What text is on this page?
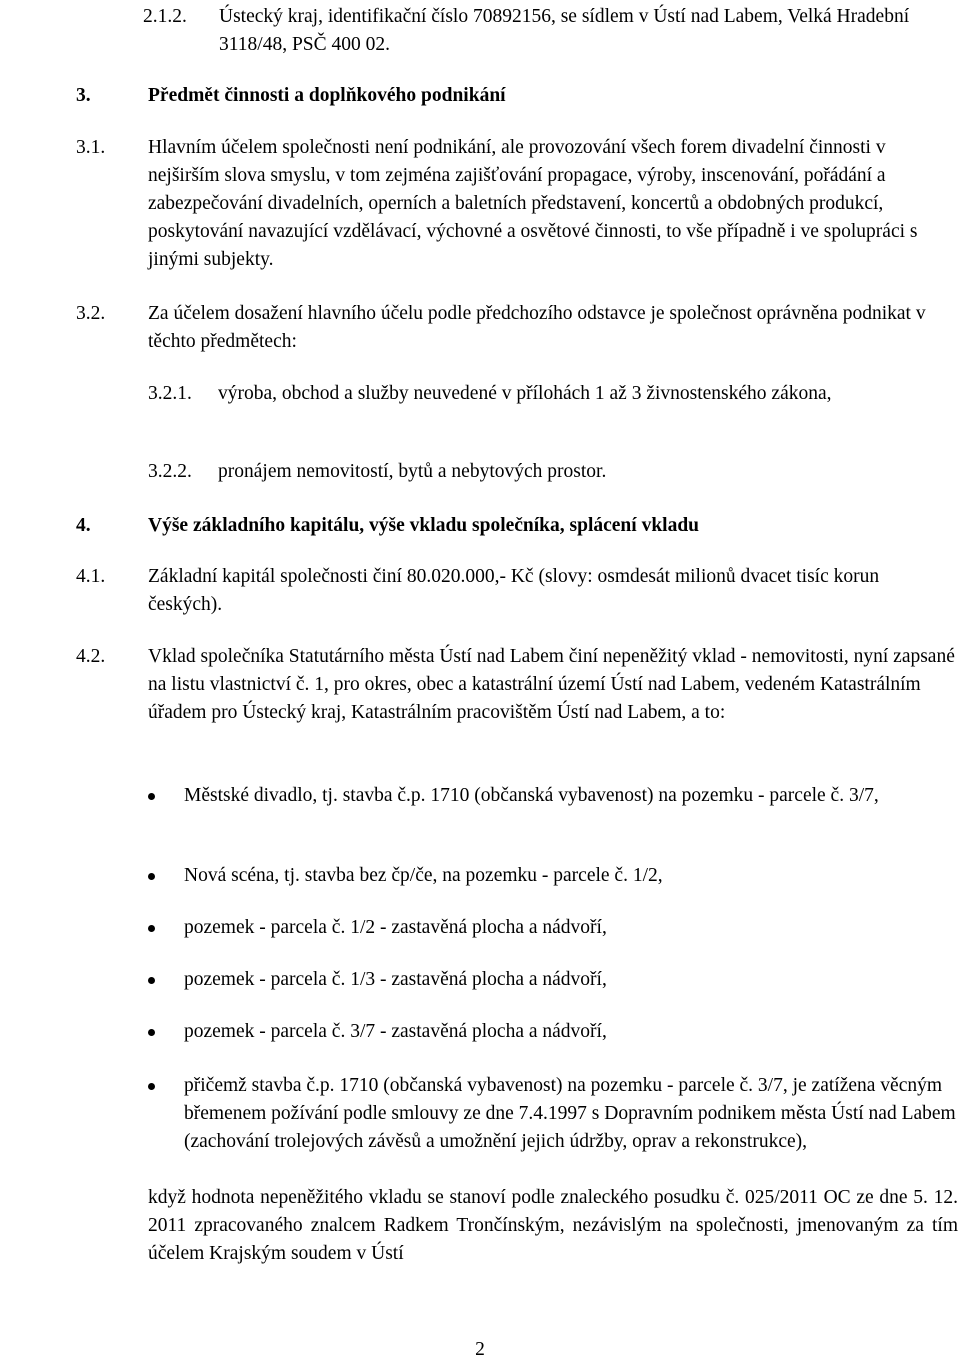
2.1.2. Ústecký kraj, identifikační číslo 70892156, se sídlem v Ústí nad Labem, Velká Hradební 3118/48, PSČ 400 02.
3.	Předmět činnosti a doplňkového podnikání
3.1. Hlavním účelem společnosti není podnikání, ale provozování všech forem divadelní činnosti v nejširším slova smyslu, v tom zejména zajišťování propagace, výroby, inscenování, pořádání a zabezpečování divadelních, operních a baletních představení, koncertů a obdobných produkcí, poskytování navazující vzdělávací, výchovné a osvětové činnosti, to vše případně i ve spolupráci s jinými subjekty.
3.2. Za účelem dosažení hlavního účelu podle předchozího odstavce je společnost oprávněna podnikat v těchto předmětech:
3.2.1. výroba, obchod a služby neuvedené v přílohách 1 až 3 živnostenského zákona,
3.2.2. pronájem nemovitostí, bytů a nebytových prostor.
4.	Výše základního kapitálu, výše vkladu společníka, splácení vkladu
4.1. Základní kapitál společnosti činí 80.020.000,- Kč (slovy: osmdesát milionů dvacet tisíc korun českých).
4.2. Vklad společníka Statutárního města Ústí nad Labem činí nepeněžitý vklad - nemovitosti, nyní zapsané na listu vlastnictví č. 1, pro okres, obec a katastrální území Ústí nad Labem, vedeném Katastrálním úřadem pro Ústecký kraj, Katastrálním pracovištěm Ústí nad Labem, a to:
Městské divadlo, tj. stavba č.p. 1710 (občanská vybavenost) na pozemku - parcele č. 3/7,
Nová scéna, tj. stavba bez čp/če, na pozemku - parcele č. 1/2,
pozemek - parcela č. 1/2 - zastavěná plocha a nádvoří,
pozemek - parcela č. 1/3 - zastavěná plocha a nádvoří,
pozemek - parcela č. 3/7 - zastavěná plocha a nádvoří,
přičemž stavba č.p. 1710 (občanská vybavenost) na pozemku - parcele č. 3/7, je zatížena věcným břemenem požívání podle smlouvy ze dne 7.4.1997 s Dopravním podnikem města Ústí nad Labem (zachování trolejových závěsů a umožnění jejich údržby, oprav a rekonstrukce),
když hodnota nepeněžitého vkladu se stanoví podle znaleckého posudku č. 025/2011 OC ze dne 5. 12. 2011 zpracovaného znalcem Radkem Trončínským, nezávislým na společnosti, jmenovaným za tím účelem Krajským soudem v Ústí
2
